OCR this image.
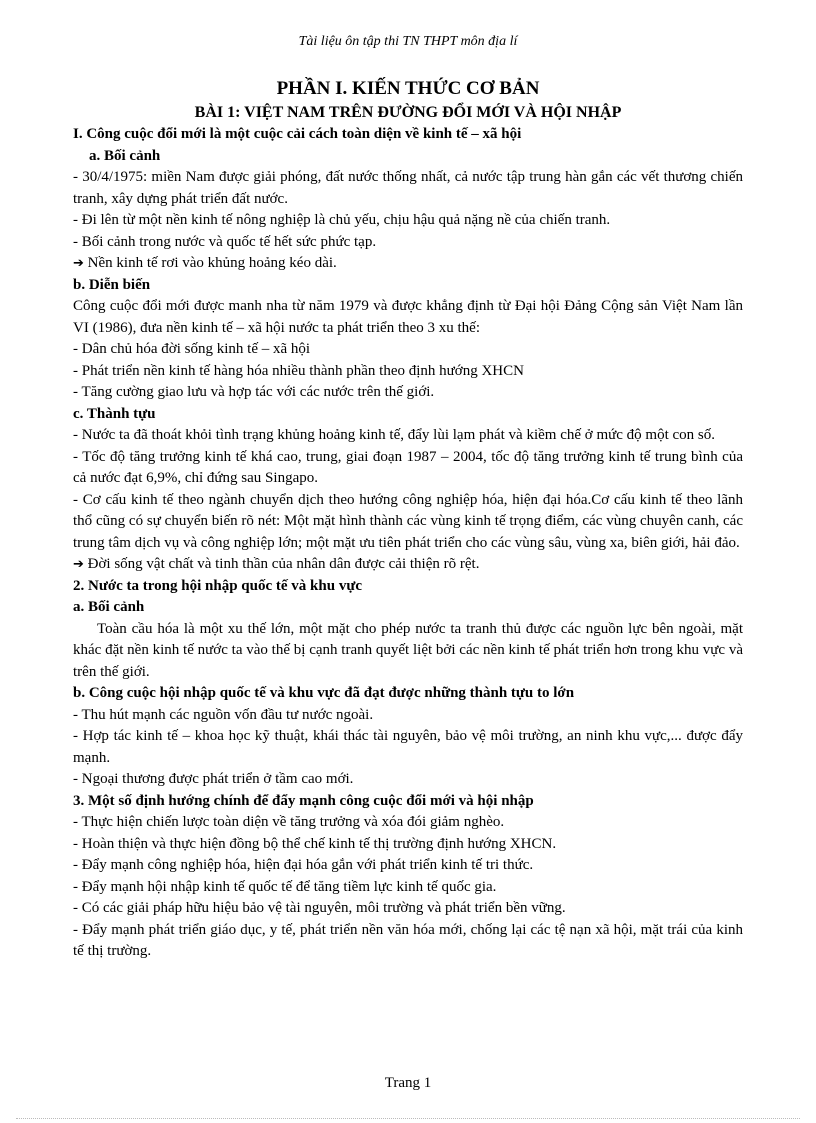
Tài liệu ôn tập thi TN THPT môn địa lí
PHẦN I. KIẾN THỨC CƠ BẢN
BÀI 1: VIỆT NAM TRÊN ĐƯỜNG ĐỔI MỚI VÀ HỘI NHẬP
I. Công cuộc đổi mới là một cuộc cải cách toàn diện về kinh tế – xã hội
a. Bối cảnh

- 30/4/1975: miền Nam được giải phóng, đất nước thống nhất, cả nước tập trung hàn gắn các vết thương chiến tranh, xây dựng phát triển đất nước.

- Đi lên từ một nền kinh tế nông nghiệp là chủ yếu, chịu hậu quả nặng nề của chiến tranh.

- Bối cảnh trong nước và quốc tế hết sức phức tạp.

➔ Nền kinh tế rơi vào khủng hoảng kéo dài.

b. Diễn biến

Công cuộc đổi mới được manh nha từ năm 1979 và được khẳng định từ Đại hội Đảng Cộng sản Việt Nam lần VI (1986), đưa nền kinh tế – xã hội nước ta phát triển theo 3 xu thế:

- Dân chủ hóa đời sống kinh tế – xã hội

- Phát triển nền kinh tế hàng hóa nhiều thành phần theo định hướng XHCN

- Tăng cường giao lưu và hợp tác với các nước trên thế giới.

c. Thành tựu

- Nước ta đã thoát khỏi tình trạng khủng hoảng kinh tế, đẩy lùi lạm phát và kiềm chế ở mức độ một con số.

- Tốc độ tăng trưởng kinh tế khá cao, trung, giai đoạn 1987 – 2004, tốc độ tăng trưởng kinh tế trung bình của cả nước đạt 6,9%, chỉ đứng sau Singapo.

- Cơ cấu kinh tế theo ngành chuyển dịch theo hướng công nghiệp hóa, hiện đại hóa.Cơ cấu kinh tế theo lãnh thổ cũng có sự chuyển biến rõ nét: Một mặt hình thành các vùng kinh tế trọng điểm, các vùng chuyên canh, các trung tâm dịch vụ và công nghiệp lớn; một mặt ưu tiên phát triển cho các vùng sâu, vùng xa, biên giới, hải đảo.

➔ Đời sống vật chất và tinh thần của nhân dân được cải thiện rõ rệt.

2. Nước ta trong hội nhập quốc tế và khu vực
a. Bối cảnh

Toàn cầu hóa là một xu thế lớn, một mặt cho phép nước ta tranh thủ được các nguồn lực bên ngoài, mặt khác đặt nền kinh tế nước ta vào thế bị cạnh tranh quyết liệt bởi các nền kinh tế phát triển hơn trong khu vực và trên thế giới.

b. Công cuộc hội nhập quốc tế và khu vực đã đạt được những thành tựu to lớn

- Thu hút mạnh các nguồn vốn đầu tư nước ngoài.

- Hợp tác kinh tế – khoa học kỹ thuật, khái thác tài nguyên, bảo vệ môi trường, an ninh khu vực,... được đẩy mạnh.

- Ngoại thương được phát triển ở tầm cao mới.

3. Một số định hướng chính để đẩy mạnh công cuộc đổi mới và hội nhập

- Thực hiện chiến lược toàn diện về tăng trưởng và xóa đói giảm nghèo.

- Hoàn thiện và thực hiện đồng bộ thể chế kinh tế thị trường định hướng XHCN.

- Đẩy mạnh công nghiệp hóa, hiện đại hóa gắn với phát triển kinh tế tri thức.

- Đẩy mạnh hội nhập kinh tế quốc tế để tăng tiềm lực kinh tế quốc gia.

- Có các giải pháp hữu hiệu bảo vệ tài nguyên, môi trường và phát triển bền vững.

- Đẩy mạnh phát triển giáo dục, y tế, phát triển nền văn hóa mới, chống lại các tệ nạn xã hội, mặt trái của kinh tế thị trường.

Trang 1
